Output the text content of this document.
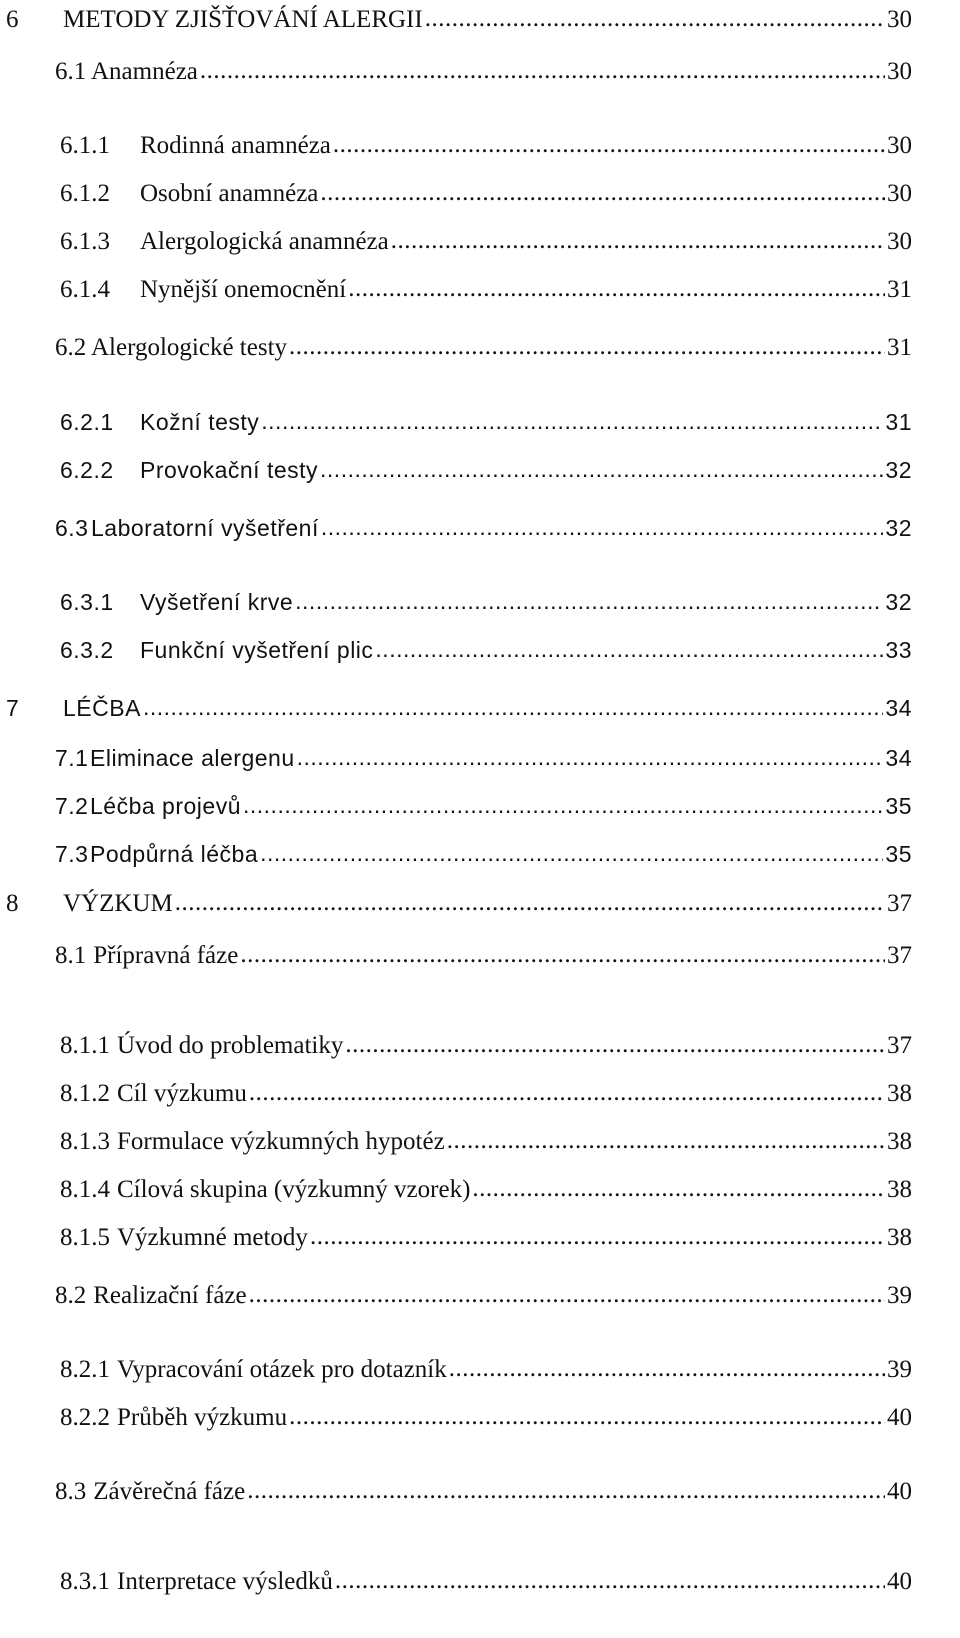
6	METODY ZJIŠŤOVÁNÍ ALERGII .....	30
6.1 Anamnéza .....	30
6.1.1	Rodinná anamnéza .....	30
6.1.2	Osobní anamnéza .....	30
6.1.3	Alergologická anamnéza .....	30
6.1.4	Nynější onemocnění .....	31
6.2 Alergologické testy .....	31
6.2.1	Kožní testy .....	31
6.2.2	Provokační testy .....	32
6.3 Laboratorní vyšetření .....	32
6.3.1	Vyšetření krve .....	32
6.3.2	Funkční vyšetření plic .....	33
7	LÉČBA .....	34
7.1 Eliminace alergenu .....	34
7.2 Léčba projevů .....	35
7.3 Podpůrná léčba .....	35
8	VÝZKUM .....	37
8.1 Přípravná fáze .....	37
8.1.1 Úvod do problematiky .....	37
8.1.2 Cíl výzkumu .....	38
8.1.3 Formulace výzkumných hypotéz .....	38
8.1.4 Cílová skupina (výzkumný vzorek) .....	38
8.1.5 Výzkumné metody .....	38
8.2 Realizační fáze .....	39
8.2.1 Vypracování otázek pro dotazník .....	39
8.2.2 Průběh výzkumu .....	40
8.3 Závěrečná fáze .....	40
8.3.1 Interpretace výsledků .....	40
